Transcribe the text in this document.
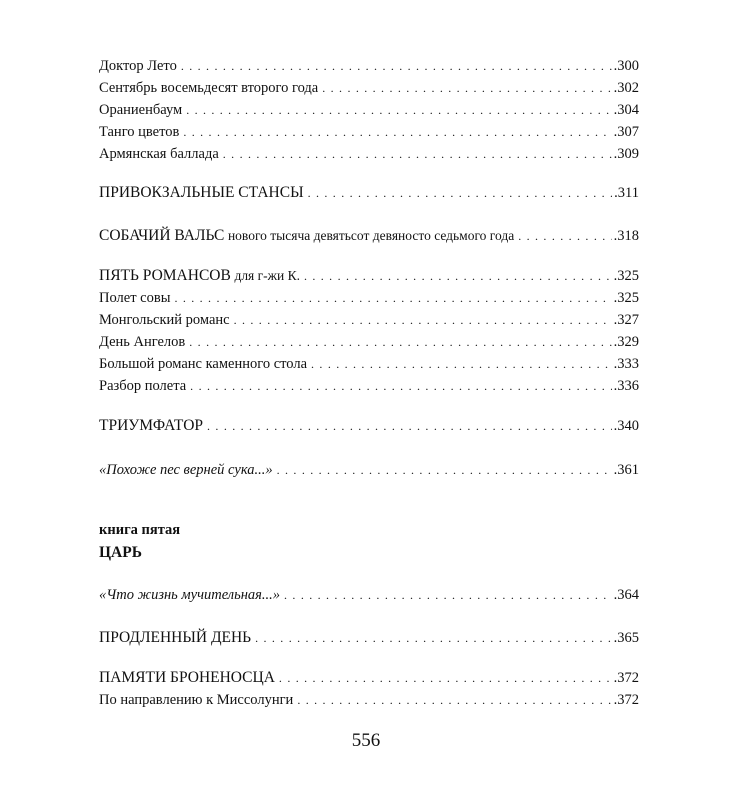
Доктор Лето . . .	.300
Сентябрь восемьдесят второго года . . .	.302
Ораниенбаум . . .	.304
Танго цветов . . .	.307
Армянская баллада . . .	.309
ПРИВОКЗАЛЬНЫЕ СТАНСЫ . . .	.311
СОБАЧИЙ ВАЛЬС нового тысяча девятьсот девяносто седьмого года . . .	.318
ПЯТЬ РОМАНСОВ для г-жи К. . . .	.325
Полет совы . . .	.325
Монгольский романс . . .	.327
День Ангелов . . .	.329
Большой романс каменного стола . . .	.333
Разбор полета . . .	.336
ТРИУМФАТОР . . .	.340
«Похоже пес верней сука...» . . .	.361
книга пятая
ЦАРЬ
«Что жизнь мучительная...» . . .	.364
ПРОДЛЕННЫЙ ДЕНЬ . . .	.365
ПАМЯТИ БРОНЕНОСЦА . . .	.372
По направлению к Миссолунги . . .	.372
556
